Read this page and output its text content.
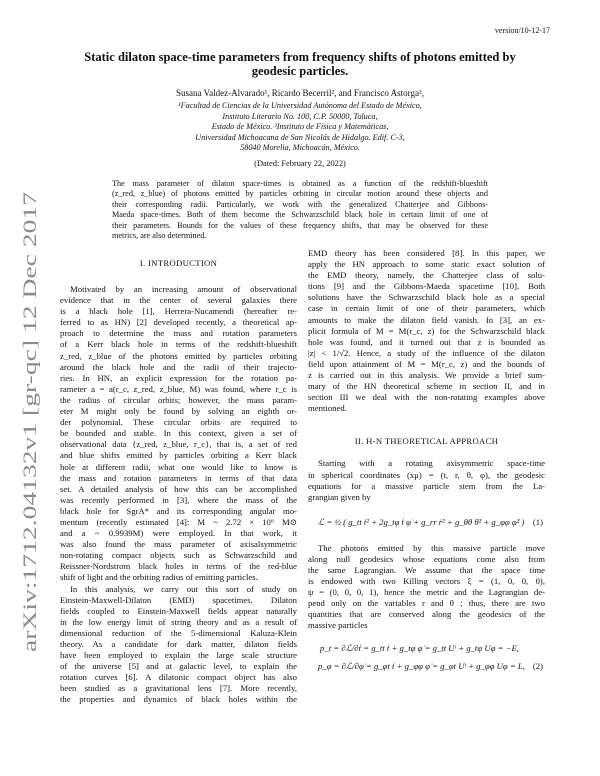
version/10-12-17
arXiv:1712.04132v1 [gr-qc] 12 Dec 2017
Static dilaton space-time parameters from frequency shifts of photons emitted by
geodesic particles.
Susana Valdez-Alvarado¹, Ricardo Becerril², and Francisco Astorga²,
¹Facultad de Ciencias de la Universidad Autónoma del Estado de México,
Instituto Literario No. 100, C.P. 50000, Toluca,
Estado de México. ²Instituto de Física y Matemáticas,
Universidad Michoacana de San Nicolás de Hidalgo. Edif. C-3,
58040 Morelia, Michoacán, México.
(Dated: February 22, 2022)
The mass parameter of dilaton space-times is obtained as a function of the redshift-blueshift
(z_red, z_blue) of photons emitted by particles orbiting in circular motion around these objects and
their corresponding radii. Particularly, we work with the generalized Chatterjee and Gibbons-
Maeda space-times. Both of them become the Schwarzschild black hole in certain limit of one of
their parameters. Bounds for the values of these frequency shifts, that may be observed for these
metrics, are also determined.
I. INTRODUCTION
Motivated by an increasing amount of observational
evidence that in the center of several galaxies there
is a black hole [1], Herrera-Nucamendi (hereafter re-
ferred to as HN) [2] developed recently, a theoretical ap-
proach to determine the mass and rotation parameters
of a Kerr black hole in terms of the redshift-blueshift
z_red, z_blue of the photons emitted by particles orbiting
around the black hole and the radii of their trajecto-
ries. In HN, an explicit expression for the rotation pa-
rameter a = a(r_c, z_red, z_blue, M) was found, where r_c is
the radius of circular orbits; however, the mass param-
eter M might only be found by solving an eighth or-
der polynomial. These circular orbits are required to
be bounded and stable. In this context, given a set of
observational data {z_red, z_blue, r_c}, that is, a set of red
and blue shifts emitted by particles orbiting a Kerr black
hole at different radii, what one would like to know is
the mass and rotation parameters in terms of that data
set. A detailed analysis of how this can be accomplished
was recently performed in [3], where the mass of the
black hole for SgrA* and its corresponding angular mo-
mentum (recently estimated [4]: M ~ 2.72 × 10⁶ M⊙
and a ~ 0.9939M) were employed. In that work, it
was also found the mass parameter of axisalsymmetric
non-rotating compact objects such as Schwarzschild and
Reissner-Nordstrom black holes in terms of the red-blue
shift of light and the orbiting radius of emitting particles.
In this analysis, we carry out this sort of study on
Einstein-Maxwell-Dilaton (EMD) spacetimes. Dilaton
fields coupled to Einstein-Maxwell fields appear naturally
in the low energy limit of string theory and as a result of
dimensional reduction of the 5-dimensional Kaluza-Klein
theory. As a candidate for dark matter, dilaton fields
have been employed to explain the large scale structure
of the universe [5] and at galactic level, to explain the
rotation curves [6]. A dilatonic compact object has also
been studied as a gravitational lens [7]. More recently,
the properties and dynamics of black holes within the
EMD theory has been considered [8]. In this paper, we
apply the HN approach to some static exact solution of
the EMD theory, namely, the Chatterjee class of solu-
tions [9] and the Gibbons-Maeda spacetime [10]. Both
solutions have the Schwarzschild black hole as a special
case in certain limit of one of their parameters, which
amounts to make the dilaton field vanish. In [3], an ex-
plicit formula of M = M(r_c, z) for the Schwarzschild black
hole was found, and it turned out that z is bounded as
|z| < 1/√2. Hence, a study of the influence of the dilaton
field upon attainment of M = M(r_c, z) and the bounds of
z is carried out in this analysis. We provide a brief sum-
mary of the HN theoretical scheme in section II, and in
section III we deal with the non-rotating examples above
mentioned.
II. H-N THEORETICAL APPROACH
Starting with a rotating axisymmetric space-time
in spherical coordinates (xμ) = (t, r, θ, φ), the geodesic
equations for a massive particle stem from the La-
grangian given by
ℒ = ½ ( g_tt ṫ² + 2g_tφ ṫ φ̇ + g_rr ṙ² + g_θθ θ̇² + g_φφ φ̇² ) (1)
The photons emitted by this massive particle move
along null geodesics whose equations come also from
the same Lagrangian. We assume that the space time
is endowed with two Killing vectors ξ = (1, 0, 0, 0),
ψ = (0, 0, 0, 1), hence the metric and the Lagrangian de-
pend only on the variables r and θ ; thus, there are two
quantities that are conserved along the geodesics of the
massive particles
p_t = ∂ℒ/∂ṫ = g_tt ṫ + g_tφ φ̇ = g_tt Uᵗ + g_tφ Uφ = −E,
p_φ = ∂ℒ/∂φ̇ = g_φt ṫ + g_φφ φ̇ = g_φt Uᵗ + g_φφ Uφ = L, (2)
